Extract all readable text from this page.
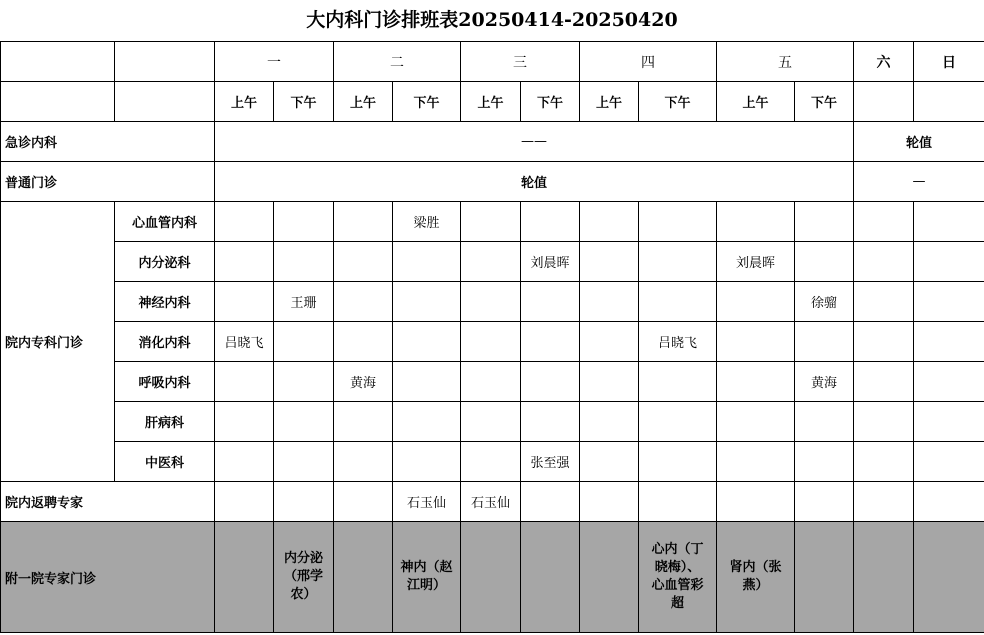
大内科门诊排班表20250414-20250420
		一		二		三		四		五		六	日
		上午	下午	上午	下午	上午	下午	上午	下午	上午	下午		
急诊内科		——										轮值	
普通门诊		轮值										—	
院内专科门诊	心血管内科				梁胜								
	内分泌科						刘晨晖			刘晨晖			
	神经内科		王珊								徐骝		
	消化内科	吕晓飞							吕晓飞				
	呼吸内科			黄海							黄海		
	肝病科												
	中医科						张至强						
院内返聘专家					石玉仙	石玉仙							
附一院专家门诊			内分泌（邢学农）		神内（赵江明）				心内（丁晓梅）、心血管彩超	肾内（张燕）			
